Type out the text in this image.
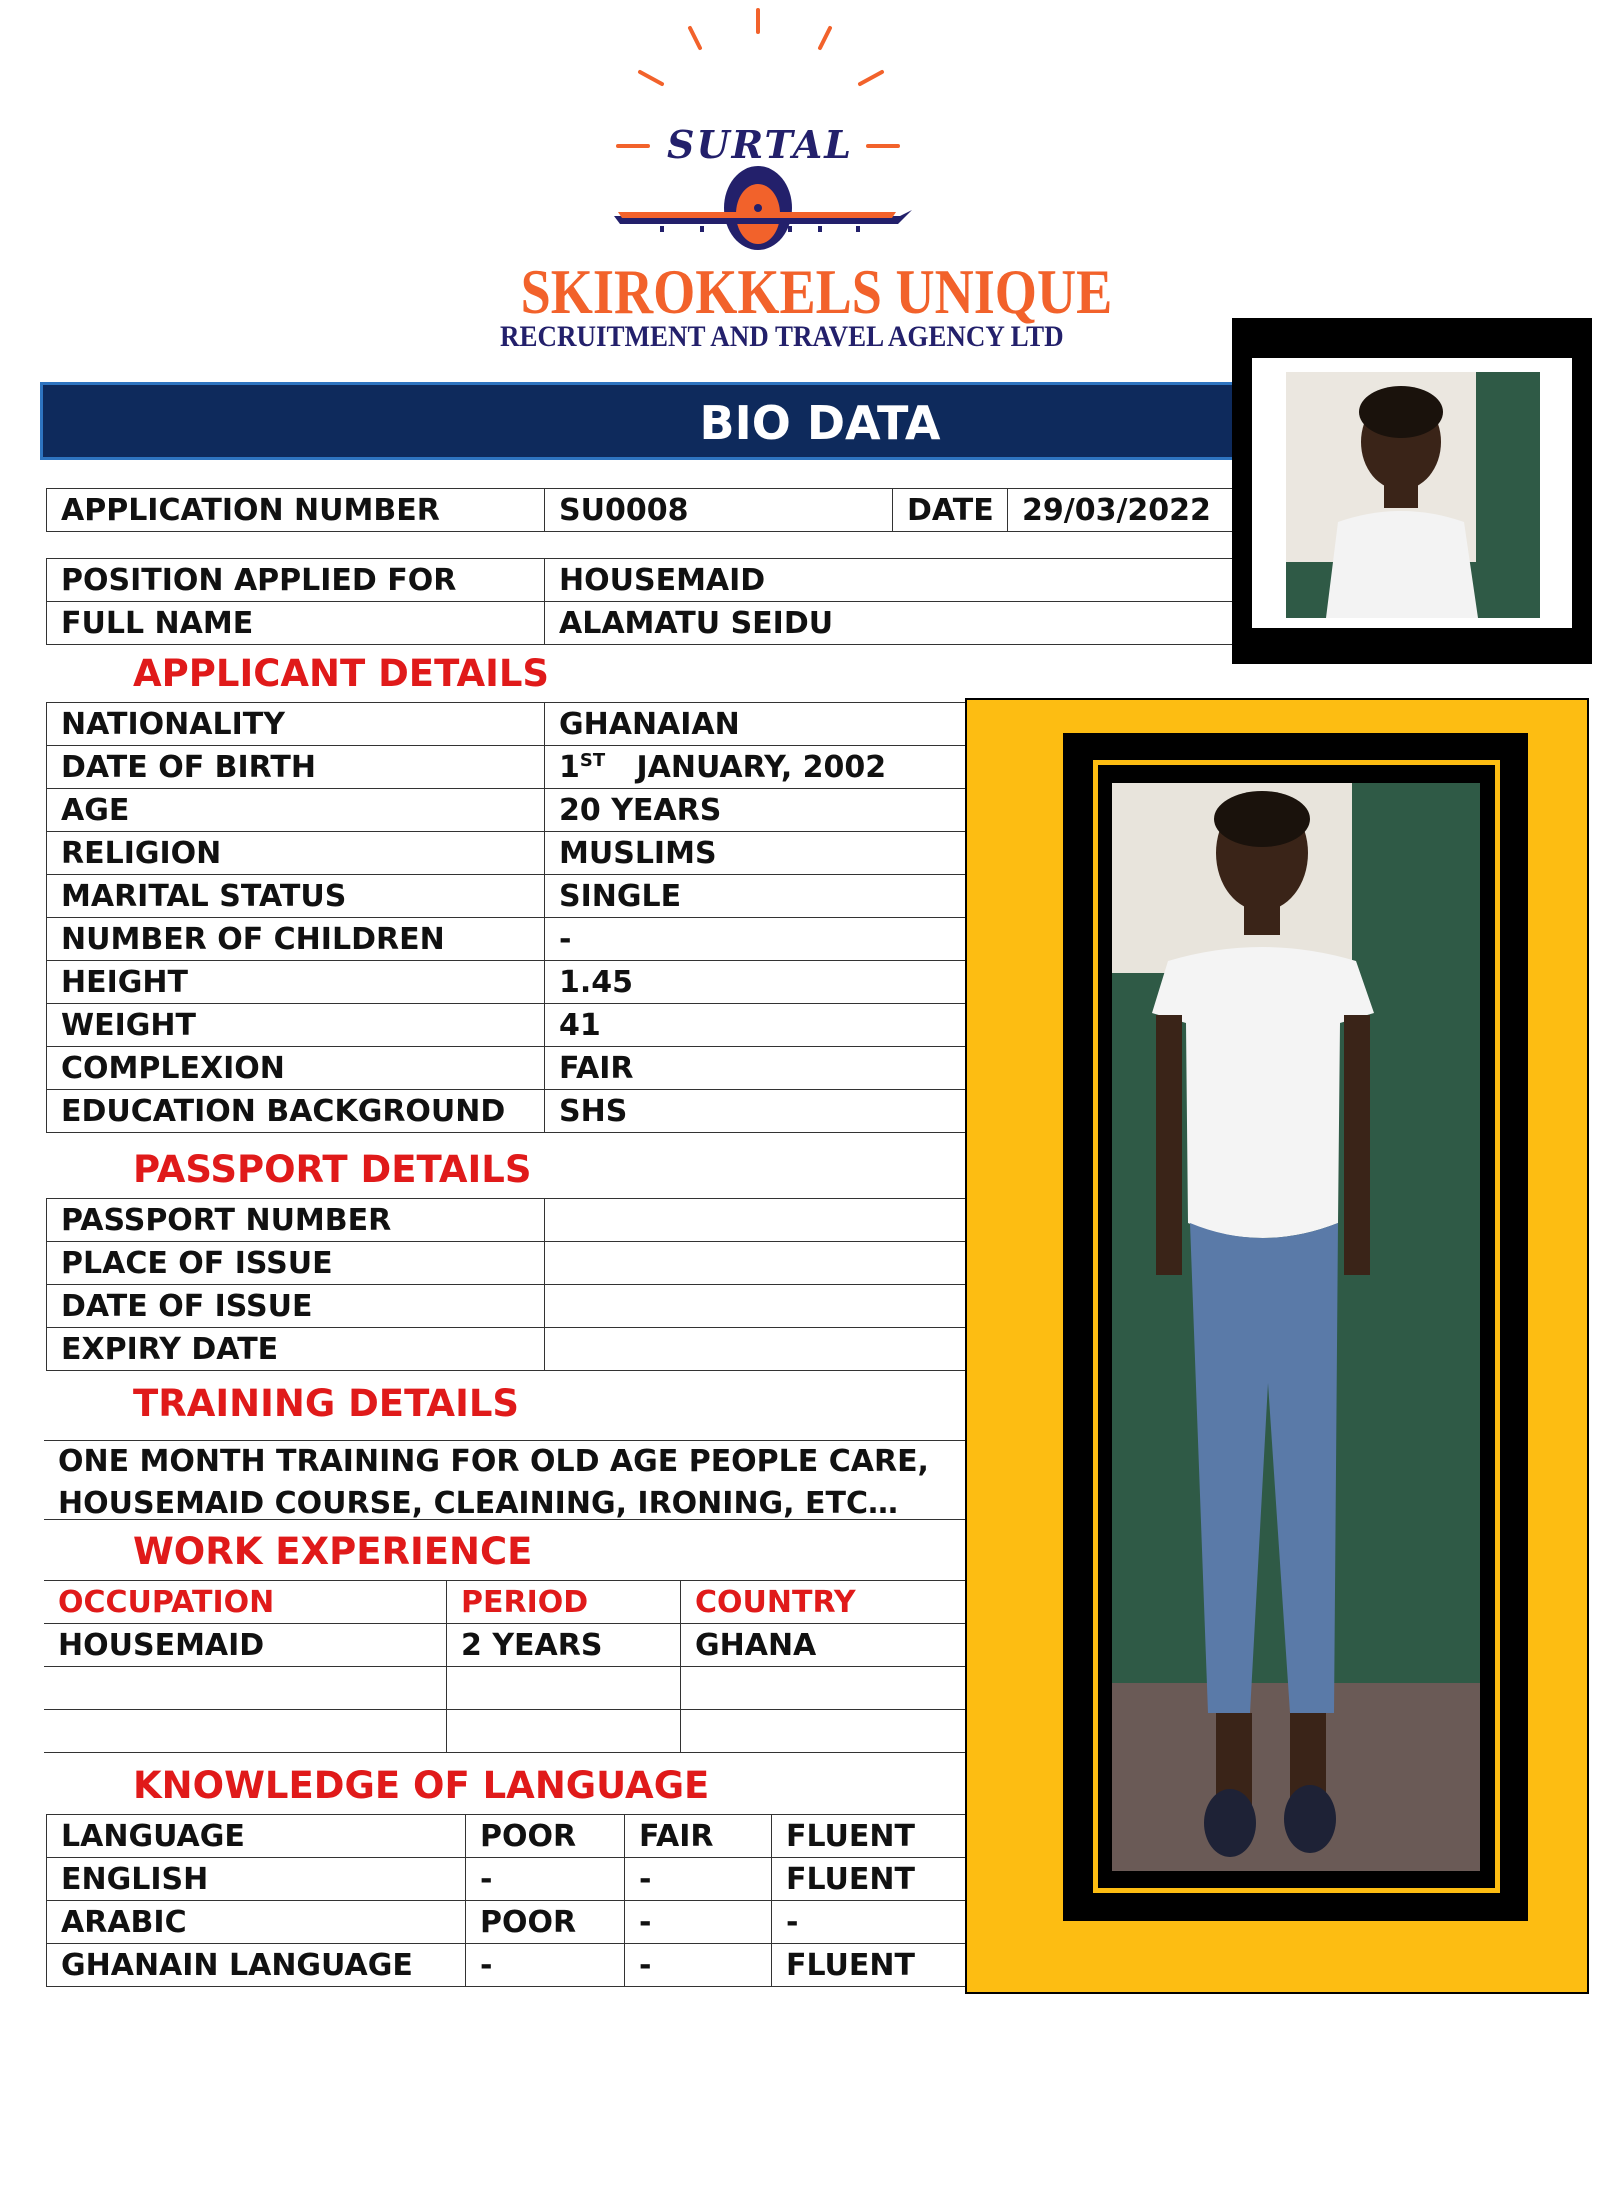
SURTAL
SKIROKKELS UNIQUE
RECRUITMENT AND TRAVEL AGENCY LTD
BIO DATA
APPLICATION NUMBER	SU0008	DATE	29/03/2022
POSITION APPLIED FOR	HOUSEMAID
FULL NAME	ALAMATU SEIDU
APPLICANT DETAILS
NATIONALITY	GHANAIAN
DATE OF BIRTH	1ST JANUARY, 2002
AGE	20 YEARS
RELIGION	MUSLIMS
MARITAL STATUS	SINGLE
NUMBER OF CHILDREN	-
HEIGHT	1.45
WEIGHT	41
COMPLEXION	FAIR
EDUCATION BACKGROUND	SHS
PASSPORT DETAILS
PASSPORT NUMBER	
PLACE OF ISSUE	
DATE OF ISSUE	
EXPIRY DATE	
TRAINING DETAILS
ONE MONTH TRAINING FOR OLD AGE PEOPLE CARE,
HOUSEMAID COURSE, CLEAINING, IRONING, ETC…
WORK EXPERIENCE
OCCUPATION	PERIOD	COUNTRY
HOUSEMAID	2 YEARS	GHANA

KNOWLEDGE OF LANGUAGE
LANGUAGE	POOR	FAIR	FLUENT
ENGLISH	-	-	FLUENT
ARABIC	POOR	-	-
GHANAIN LANGUAGE	-	-	FLUENT
